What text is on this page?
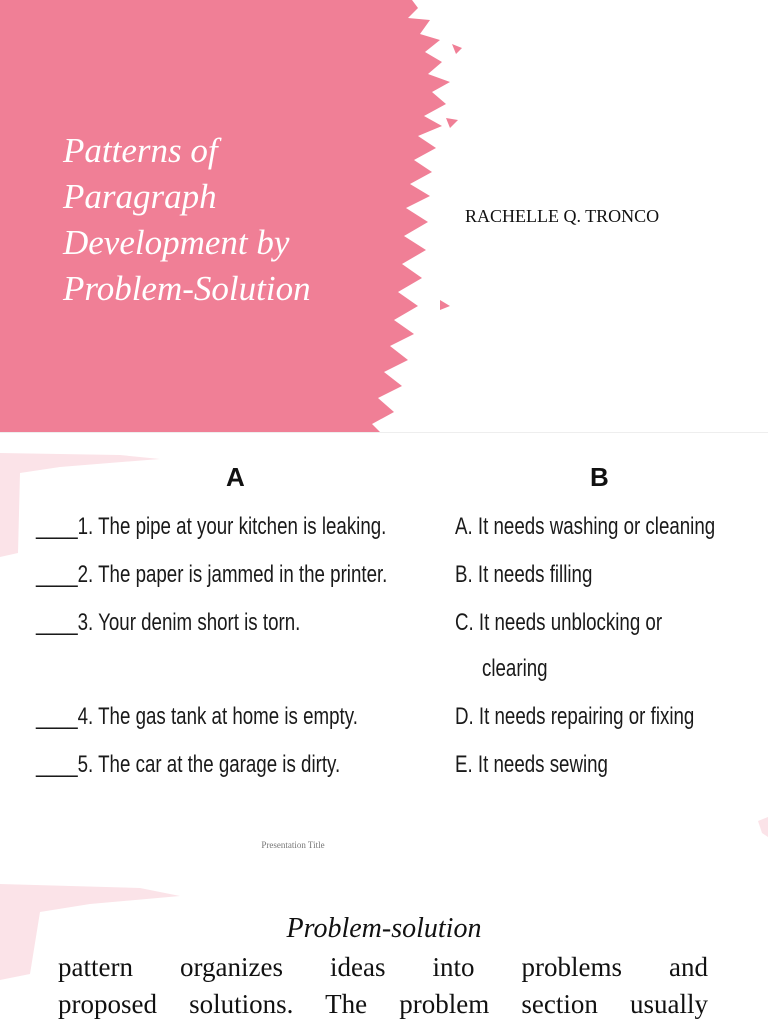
Patterns of
Paragraph
Development by
Problem-Solution
RACHELLE Q. TRONCO
A	B
____1. The pipe at your kitchen is leaking.
____2. The paper is jammed in the printer.
____3. Your denim short is torn.
____4. The gas tank at home is empty.
____5. The car at the garage is dirty.
A. It needs washing or cleaning
B. It needs filling
C. It needs unblocking or
clearing
D. It needs repairing or fixing
E. It needs sewing
Presentation Title
Problem-solution
pattern organizes ideas into problems and
proposed solutions. The problem section usually
